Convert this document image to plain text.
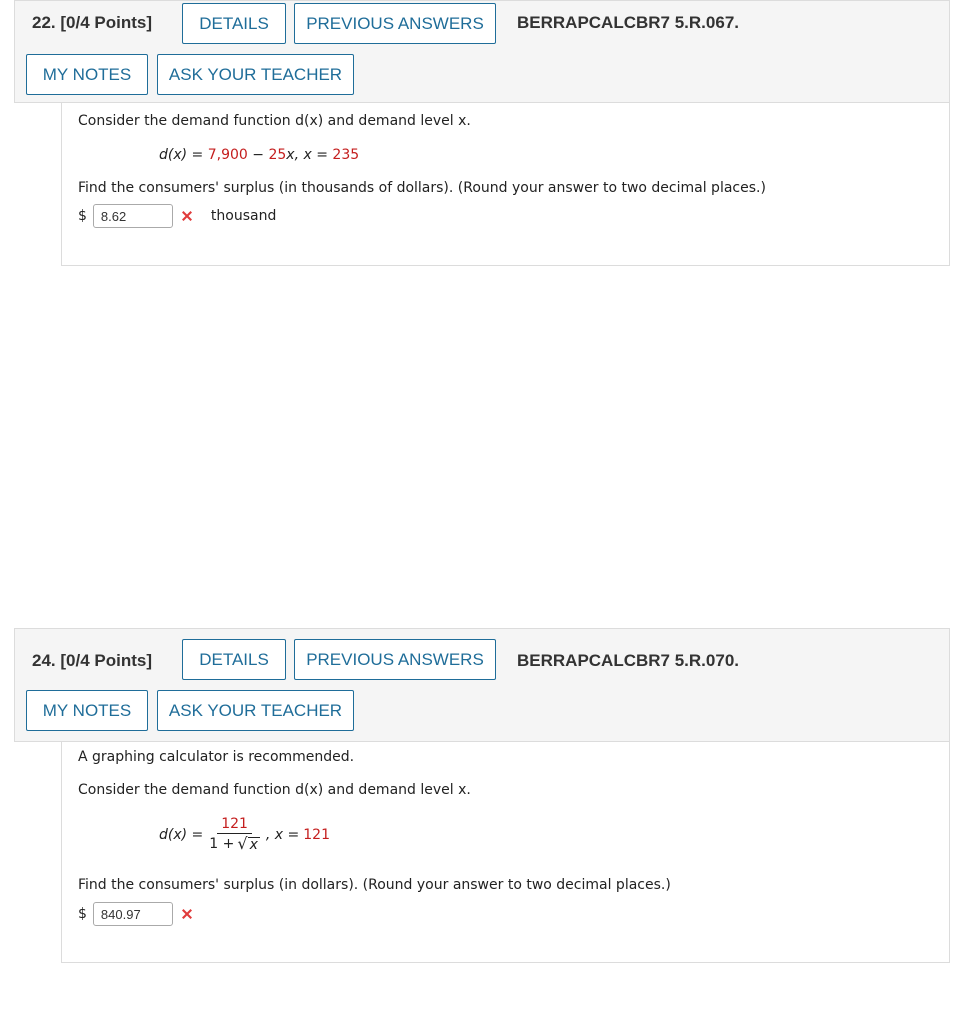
22. [0/4 Points]	DETAILS	PREVIOUS ANSWERS	BERRAPCALCBR7 5.R.067.
MY NOTES	ASK YOUR TEACHER
Consider the demand function d(x) and demand level x.
d(x) = 7,900 − 25x, x = 235
Find the consumers' surplus (in thousands of dollars). (Round your answer to two decimal places.)
$
8.62	thousand
24. [0/4 Points]	DETAILS	PREVIOUS ANSWERS	BERRAPCALCBR7 5.R.070.
MY NOTES	ASK YOUR TEACHER
A graphing calculator is recommended.
Consider the demand function d(x) and demand level x.
$d(x) = \frac{121}{1 + √ x}$ , x = 121
Find the consumers' surplus (in dollars). (Round your answer to two decimal places.)
$
840.97
